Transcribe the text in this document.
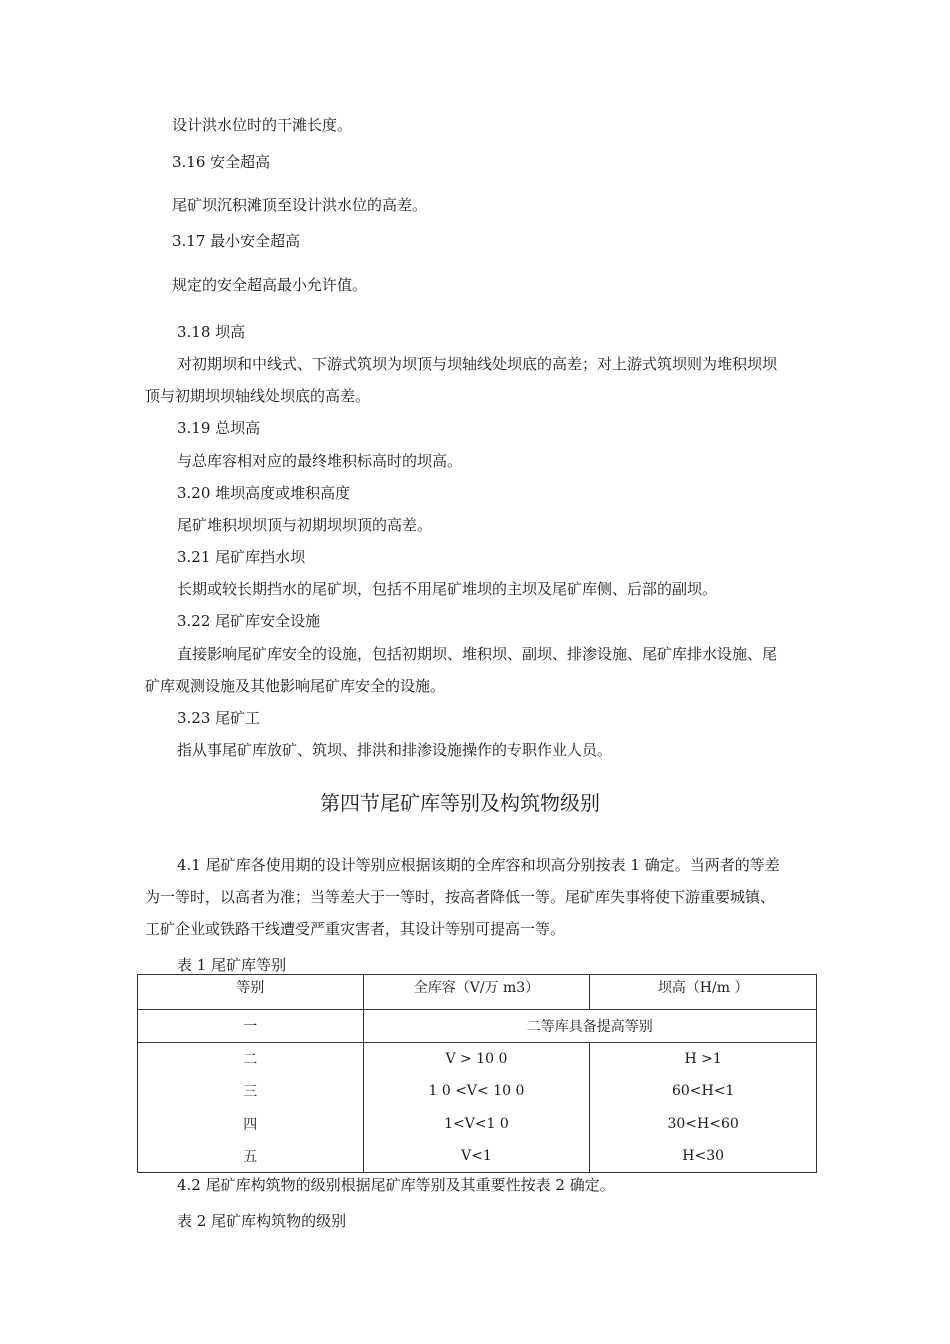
设计洪水位时的干滩长度。
3.16 安全超高
尾矿坝沉积滩顶至设计洪水位的高差。
3.17 最小安全超高
规定的安全超高最小允许值。
3.18 坝高
对初期坝和中线式、下游式筑坝为坝顶与坝轴线处坝底的高差；对上游式筑坝则为堆积坝坝
顶与初期坝坝轴线处坝底的高差。
3.19 总坝高
与总库容相对应的最终堆积标高时的坝高。
3.20 堆坝高度或堆积高度
尾矿堆积坝坝顶与初期坝坝顶的高差。
3.21 尾矿库挡水坝
长期或较长期挡水的尾矿坝，包括不用尾矿堆坝的主坝及尾矿库侧、后部的副坝。
3.22 尾矿库安全设施
直接影响尾矿库安全的设施，包括初期坝、堆积坝、副坝、排渗设施、尾矿库排水设施、尾
矿库观测设施及其他影响尾矿库安全的设施。
3.23 尾矿工
指从事尾矿库放矿、筑坝、排洪和排渗设施操作的专职作业人员。
第四节尾矿库等别及构筑物级别
4.1 尾矿库各使用期的设计等别应根据该期的全库容和坝高分别按表 1 确定。当两者的等差
为一等时，以高者为准；当等差大于一等时，按高者降低一等。尾矿库失事将使下游重要城镇、
工矿企业或铁路干线遭受严重灾害者，其设计等别可提高一等。
表 1 尾矿库等别
等别	全库容（V/万 m3）	坝高（H/m ）
一	二等库具备提高等别	
二	V > 10 0	H >1
三	1 0 <V< 10 0	60<H<1
四	1<V<1 0	30<H<60
五	V<1	H<30
4.2 尾矿库构筑物的级别根据尾矿库等别及其重要性按表 2 确定。
表 2 尾矿库构筑物的级别
